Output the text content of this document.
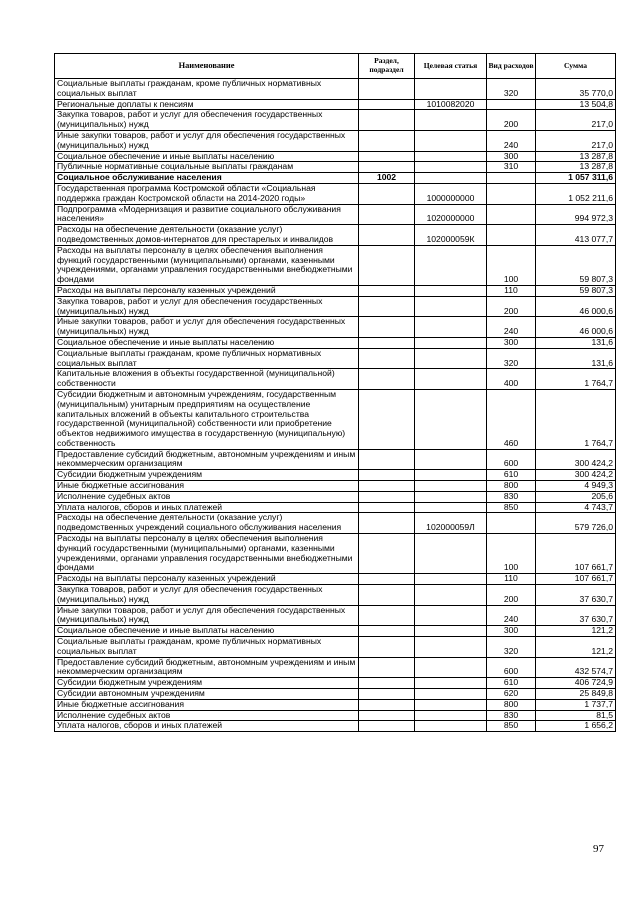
Наименование	Раздел, подраздел	Целевая статья	Вид расходов	Сумма
Социальные выплаты гражданам, кроме публичных нормативных социальных выплат			320	35 770,0
Региональные доплаты к пенсиям		1010082020		13 504,8
Закупка товаров, работ и услуг для обеспечения государственных (муниципальных) нужд			200	217,0
Иные закупки товаров, работ и услуг для обеспечения государственных (муниципальных) нужд			240	217,0
Социальное обеспечение и иные выплаты населению			300	13 287,8
Публичные нормативные социальные выплаты гражданам			310	13 287,8
Социальное обслуживание населения	1002			1 057 311,6
Государственная программа Костромской области «Социальная поддержка граждан Костромской области на 2014-2020 годы»		1000000000		1 052 211,6
Подпрограмма «Модернизация и развитие социального обслуживания населения»		1020000000		994 972,3
Расходы на обеспечение деятельности (оказание услуг) подведомственных домов-интернатов для престарелых и инвалидов		102000059К		413 077,7
Расходы на выплаты персоналу в целях обеспечения выполнения функций государственными (муниципальными) органами, казенными учреждениями, органами управления государственными внебюджетными фондами			100	59 807,3
Расходы на выплаты персоналу казенных учреждений			110	59 807,3
Закупка товаров, работ и услуг для обеспечения государственных (муниципальных) нужд			200	46 000,6
Иные закупки товаров, работ и услуг для обеспечения государственных (муниципальных) нужд			240	46 000,6
Социальное обеспечение и иные выплаты населению			300	131,6
Социальные выплаты гражданам, кроме публичных нормативных социальных выплат			320	131,6
Капитальные вложения в объекты государственной (муниципальной) собственности			400	1 764,7
Субсидии бюджетным и автономным учреждениям, государственным (муниципальным) унитарным предприятиям на осуществление капитальных вложений в объекты капитального строительства государственной (муниципальной) собственности или приобретение объектов недвижимого имущества в государственную (муниципальную) собственность			460	1 764,7
Предоставление субсидий бюджетным, автономным учреждениям и иным некоммерческим организациям			600	300 424,2
Субсидии бюджетным учреждениям			610	300 424,2
Иные бюджетные ассигнования			800	4 949,3
Исполнение судебных актов			830	205,6
Уплата налогов, сборов и иных платежей			850	4 743,7
Расходы на обеспечение деятельности (оказание услуг) подведомственных учреждений социального обслуживания населения		102000059Л		579 726,0
Расходы на выплаты персоналу в целях обеспечения выполнения функций государственными (муниципальными) органами, казенными учреждениями, органами управления государственными внебюджетными фондами			100	107 661,7
Расходы на выплаты персоналу казенных учреждений			110	107 661,7
Закупка товаров, работ и услуг для обеспечения государственных (муниципальных) нужд			200	37 630,7
Иные закупки товаров, работ и услуг для обеспечения государственных (муниципальных) нужд			240	37 630,7
Социальное обеспечение и иные выплаты населению			300	121,2
Социальные выплаты гражданам, кроме публичных нормативных социальных выплат			320	121,2
Предоставление субсидий бюджетным, автономным учреждениям и иным некоммерческим организациям			600	432 574,7
Субсидии бюджетным учреждениям			610	406 724,9
Субсидии автономным учреждениям			620	25 849,8
Иные бюджетные ассигнования			800	1 737,7
Исполнение судебных актов			830	81,5
Уплата налогов, сборов и иных платежей			850	1 656,2
97
